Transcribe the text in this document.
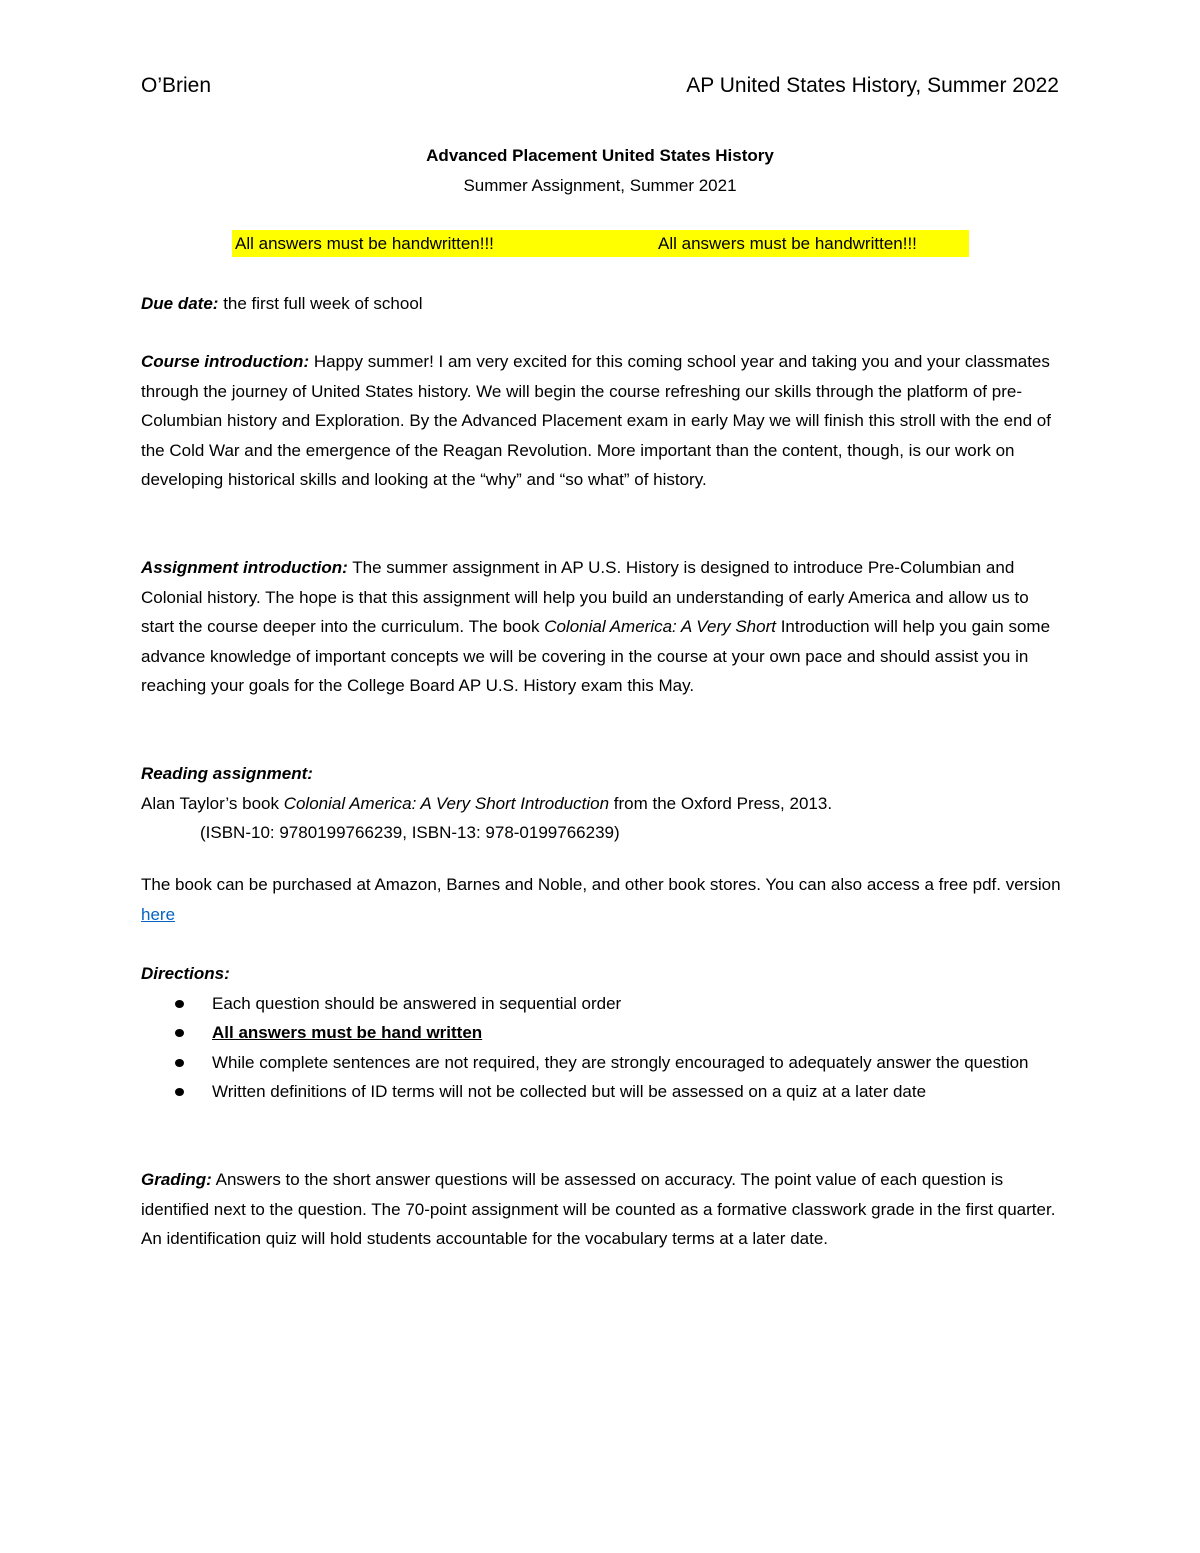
O’Brien	AP United States History, Summer 2022
Advanced Placement United States History
Summer Assignment, Summer 2021
All answers must be handwritten!!!	All answers must be handwritten!!!
Due date: the first full week of school
Course introduction: Happy summer! I am very excited for this coming school year and taking you and your classmates through the journey of United States history. We will begin the course refreshing our skills through the platform of pre-Columbian history and Exploration. By the Advanced Placement exam in early May we will finish this stroll with the end of the Cold War and the emergence of the Reagan Revolution. More important than the content, though, is our work on developing historical skills and looking at the “why” and “so what” of history.
Assignment introduction: The summer assignment in AP U.S. History is designed to introduce Pre-Columbian and Colonial history. The hope is that this assignment will help you build an understanding of early America and allow us to start the course deeper into the curriculum. The book Colonial America: A Very Short Introduction will help you gain some advance knowledge of important concepts we will be covering in the course at your own pace and should assist you in reaching your goals for the College Board AP U.S. History exam this May.
Reading assignment:
Alan Taylor’s book Colonial America: A Very Short Introduction from the Oxford Press, 2013.
(ISBN-10: 9780199766239, ISBN-13: 978-0199766239)
The book can be purchased at Amazon, Barnes and Noble, and other book stores. You can also access a free pdf. version here
Directions:
Each question should be answered in sequential order
All answers must be hand written
While complete sentences are not required, they are strongly encouraged to adequately answer the question
Written definitions of ID terms will not be collected but will be assessed on a quiz at a later date
Grading: Answers to the short answer questions will be assessed on accuracy. The point value of each question is identified next to the question. The 70-point assignment will be counted as a formative classwork grade in the first quarter. An identification quiz will hold students accountable for the vocabulary terms at a later date.
